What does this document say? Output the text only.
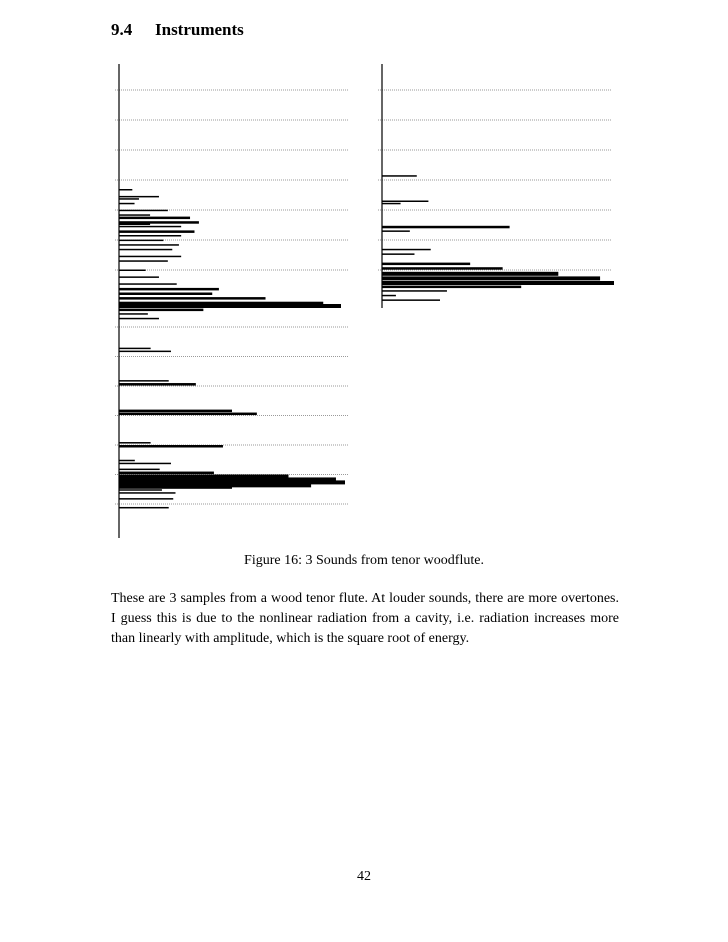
9.4 Instruments

Figure 16: 3 Sounds from tenor woodflute.

These are 3 samples from a wood tenor flute. At louder sounds, there are more overtones. I guess this is due to the nonlinear radiation from a cavity, i.e. radiation increases more than linearly with amplitude, which is the square root of energy.

42
